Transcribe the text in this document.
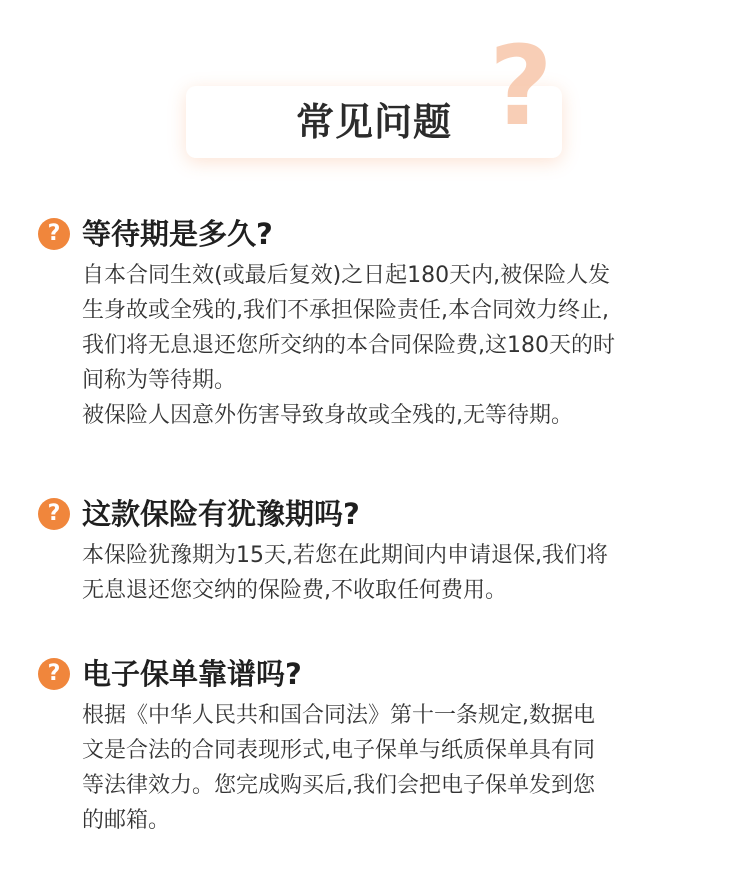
?
常见问题
? 等待期是多久?
自本合同生效(或最后复效)之日起180天内,被保险人发
生身故或全残的,我们不承担保险责任,本合同效力终止,
我们将无息退还您所交纳的本合同保险费,这180天的时
间称为等待期。
被保险人因意外伤害导致身故或全残的,无等待期。
? 这款保险有犹豫期吗?
本保险犹豫期为15天,若您在此期间内申请退保,我们将
无息退还您交纳的保险费,不收取任何费用。
? 电子保单靠谱吗?
根据《中华人民共和国合同法》第十一条规定,数据电
文是合法的合同表现形式,电子保单与纸质保单具有同
等法律效力。您完成购买后,我们会把电子保单发到您
的邮箱。
